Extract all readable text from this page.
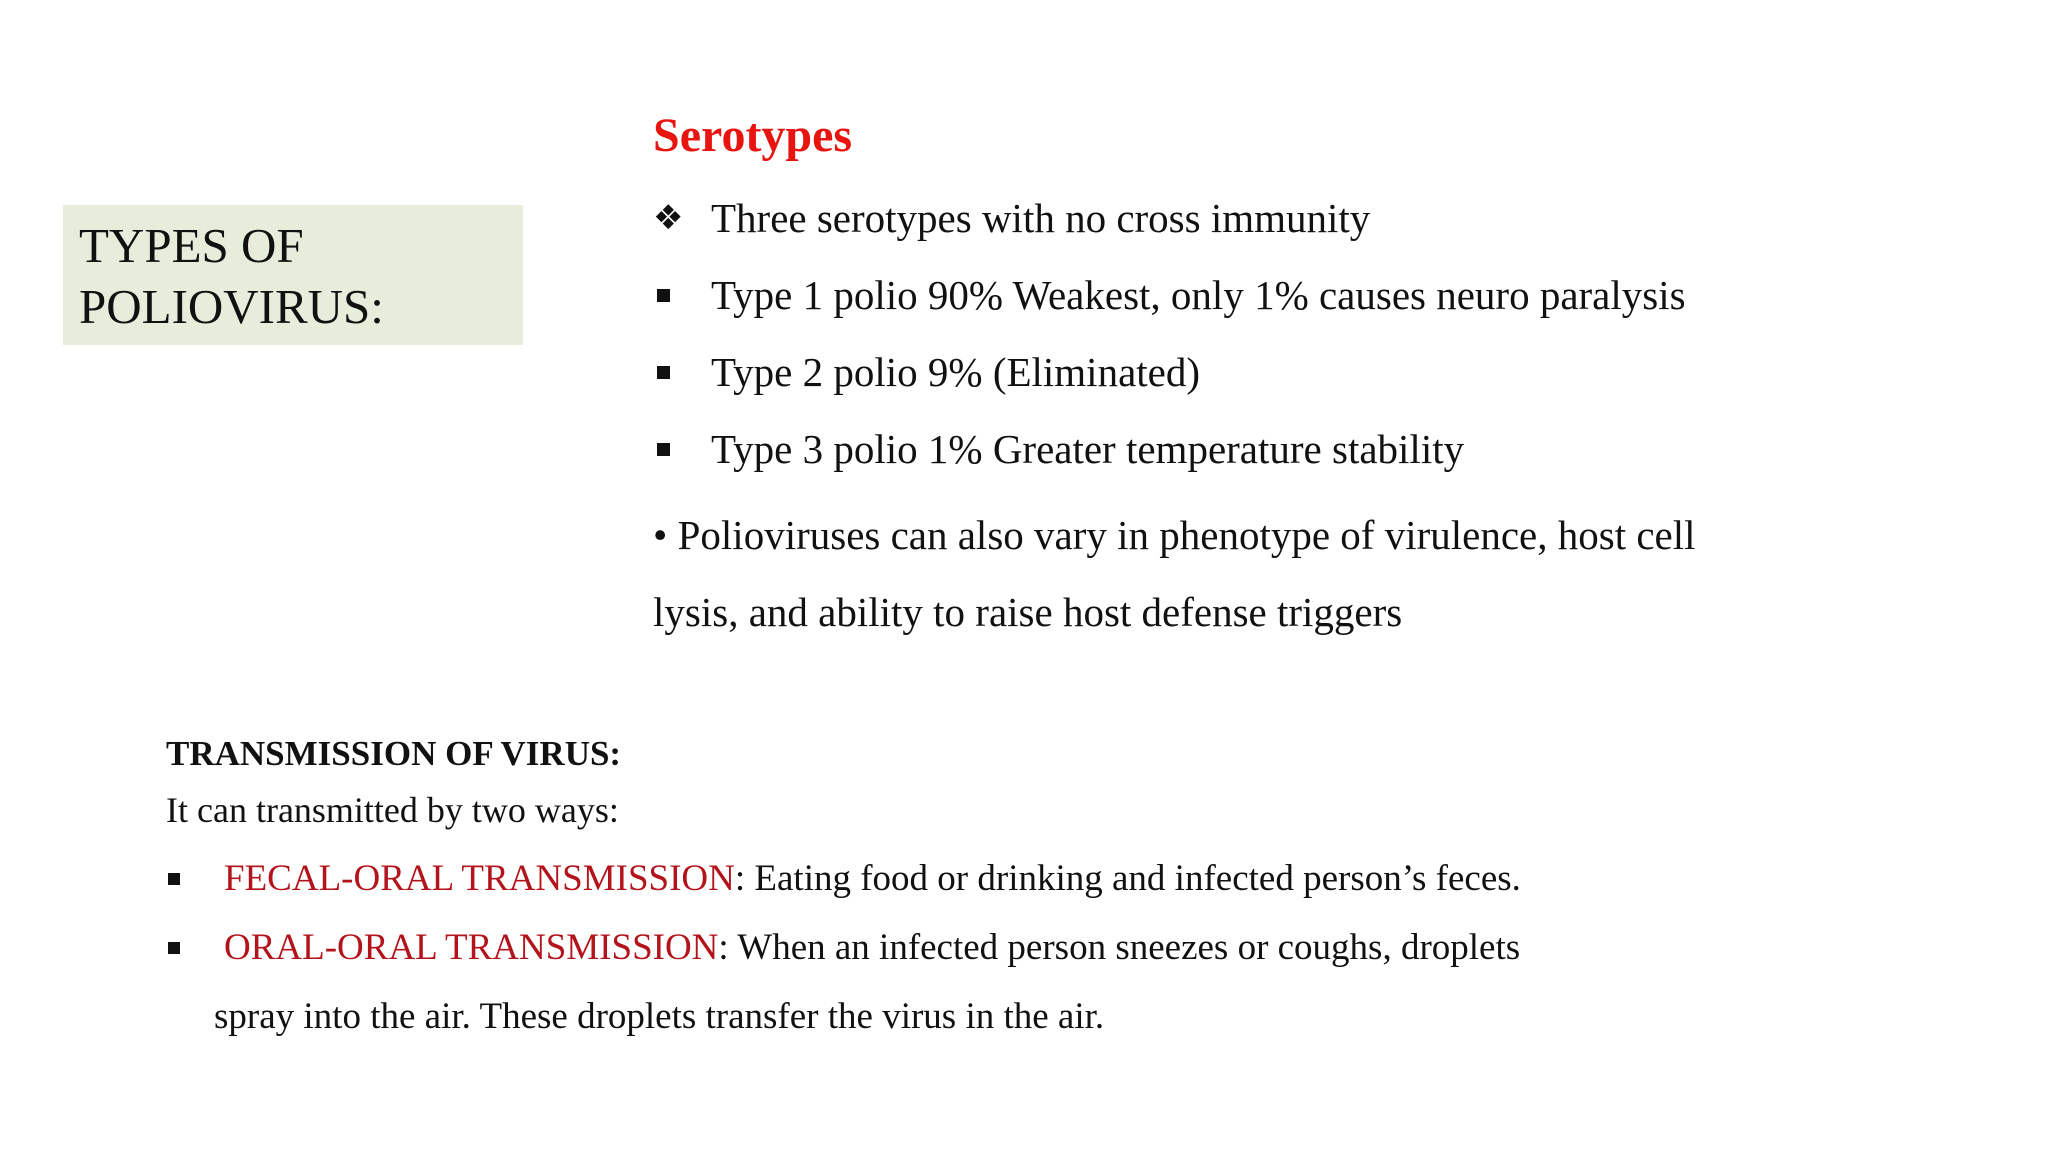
TYPES OF
POLIOVIRUS:
Serotypes
❖ Three serotypes with no cross immunity
Type 1 polio 90% Weakest, only 1% causes neuro paralysis
Type 2 polio 9% (Eliminated)
Type 3 polio 1% Greater temperature stability
• Polioviruses can also vary in phenotype of virulence, host cell
lysis, and ability to raise host defense triggers
TRANSMISSION OF VIRUS:
It can transmitted by two ways:
FECAL-ORAL TRANSMISSION: Eating food or drinking and infected person’s feces.
ORAL-ORAL TRANSMISSION: When an infected person sneezes or coughs, droplets
spray into the air. These droplets transfer the virus in the air.
